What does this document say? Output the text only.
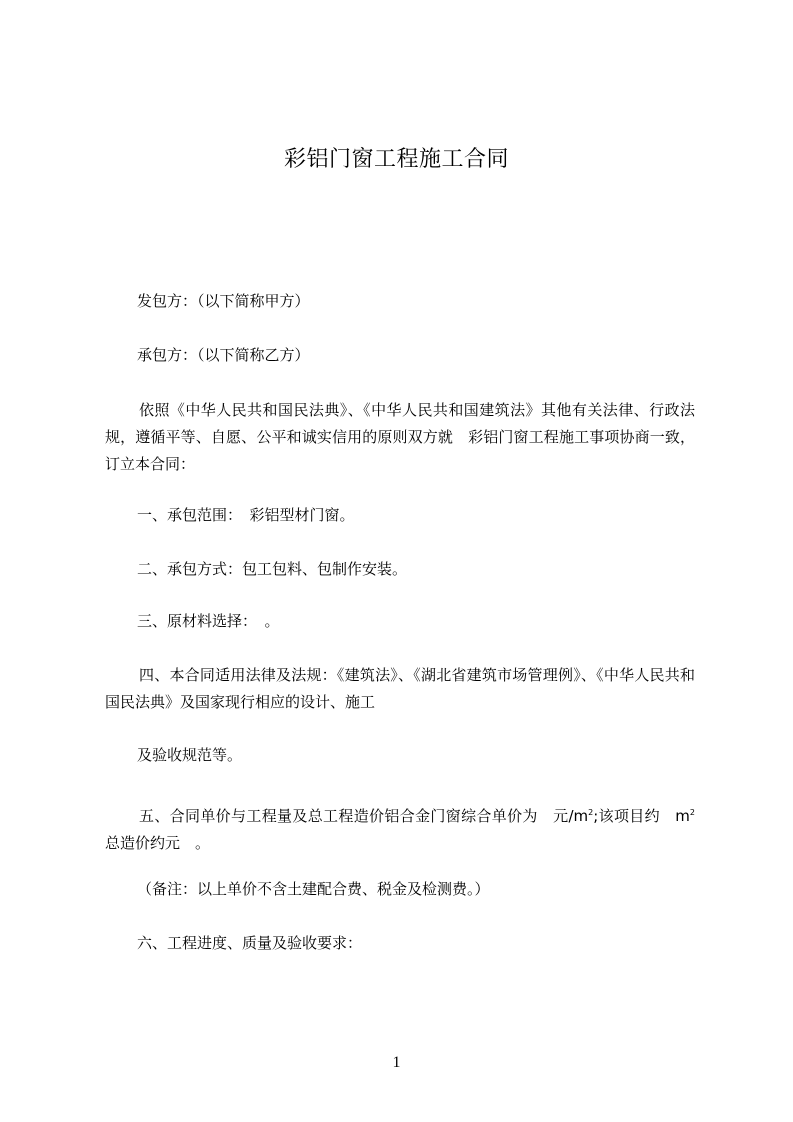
彩铝门窗工程施工合同
发包方：（以下简称甲方）
承包方：（以下简称乙方）
依照《中华人民共和国民法典》、《中华人民共和国建筑法》其他有关法律、行政法规，遵循平等、自愿、公平和诚实信用的原则双方就　彩铝门窗工程施工事项协商一致，订立本合同：
一、承包范围：　彩铝型材门窗。
二、承包方式：包工包料、包制作安装。
三、原材料选择：　。
四、本合同适用法律及法规：《建筑法》、《湖北省建筑市场管理例》、《中华人民共和国民法典》及国家现行相应的设计、施工
及验收规范等。
五、合同单价与工程量及总工程造价铝合金门窗综合单价为　元$/m^2$;该项目约　$m^2$总造价约元　。
（备注：以上单价不含土建配合费、税金及检测费。）
六、工程进度、质量及验收要求：
1
